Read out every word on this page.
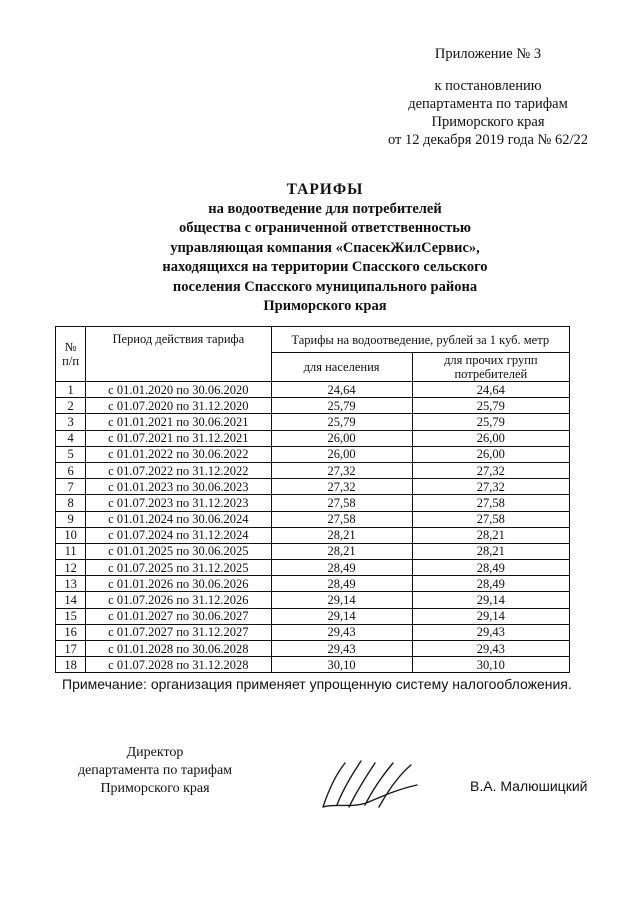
Приложение № 3
к постановлению
департамента по тарифам
Приморского края
от 12 декабря 2019 года № 62/22
ТАРИФЫ
на водоотведение для потребителей
общества с ограниченной ответственностью
управляющая компания «СпасекЖилСервис»,
находящихся на территории Спасского сельского
поселения Спасского муниципального района
Приморского края
№ п/п	Период действия тарифа	Тарифы на водоотведение, рублей за 1 куб. метр	
		для населения	для прочих групп потребителей
1	с 01.01.2020 по 30.06.2020	24,64	24,64
2	с 01.07.2020 по 31.12.2020	25,79	25,79
3	с 01.01.2021 по 30.06.2021	25,79	25,79
4	с 01.07.2021 по 31.12.2021	26,00	26,00
5	с 01.01.2022 по 30.06.2022	26,00	26,00
6	с 01.07.2022 по 31.12.2022	27,32	27,32
7	с 01.01.2023 по 30.06.2023	27,32	27,32
8	с 01.07.2023 по 31.12.2023	27,58	27,58
9	с 01.01.2024 по 30.06.2024	27,58	27,58
10	с 01.07.2024 по 31.12.2024	28,21	28,21
11	с 01.01.2025 по 30.06.2025	28,21	28,21
12	с 01.07.2025 по 31.12.2025	28,49	28,49
13	с 01.01.2026 по 30.06.2026	28,49	28,49
14	с 01.07.2026 по 31.12.2026	29,14	29,14
15	с 01.01.2027 по 30.06.2027	29,14	29,14
16	с 01.07.2027 по 31.12.2027	29,43	29,43
17	с 01.01.2028 по 30.06.2028	29,43	29,43
18	с 01.07.2028 по 31.12.2028	30,10	30,10
Примечание: организация применяет упрощенную систему налогообложения.
Директор
департамента по тарифам
Приморского края	В.А. Малюшицкий
